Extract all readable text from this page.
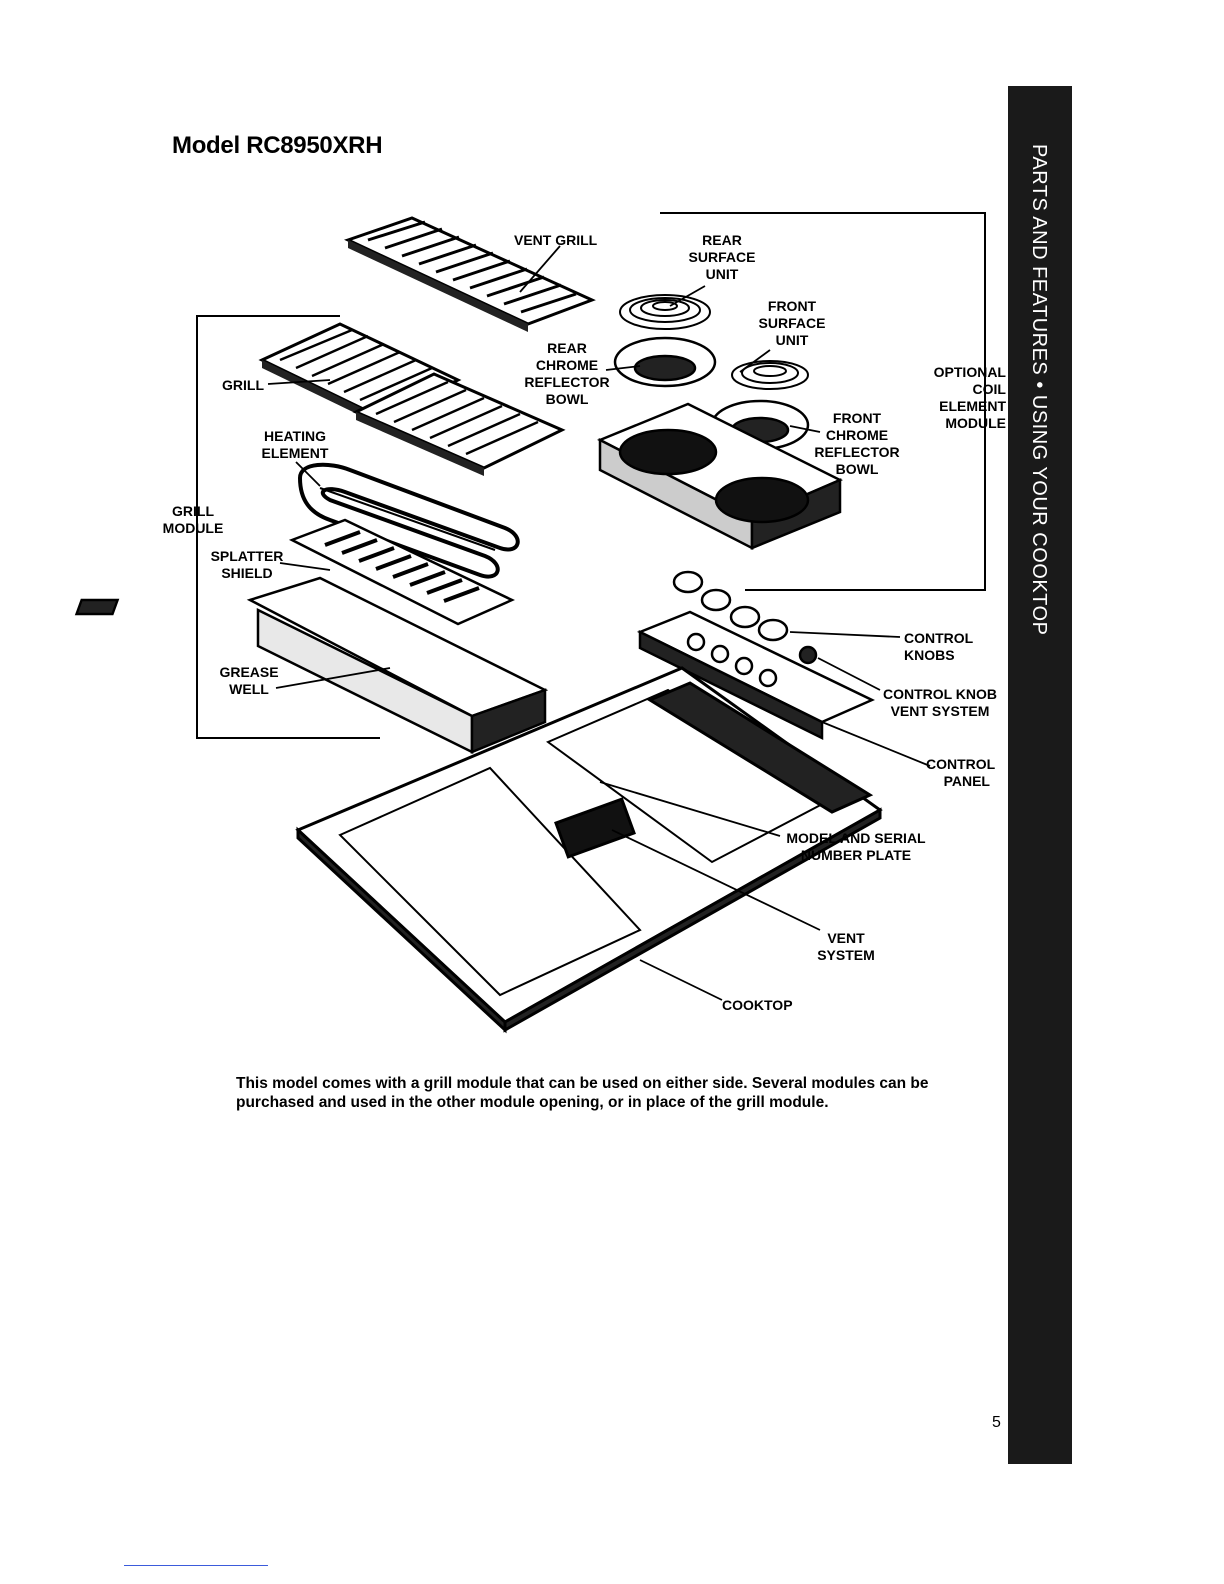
Model RC8950XRH	PARTS AND FEATURES • USING YOUR COOKTOP
VENT GRILL	REAR
SURFACE
UNIT
FRONT
SURFACE
UNIT
REAR
CHROME
REFLECTOR
BOWL
OPTIONAL
COIL
ELEMENT
MODULE
GRILL
FRONT
CHROME
REFLECTOR
BOWL
HEATING
ELEMENT
GRILL
MODULE
SPLATTER
SHIELD
CONTROL
KNOBS
GREASE
WELL	CONTROL KNOB
VENT SYSTEM
CONTROL
PANEL
MODEL AND SERIAL
NUMBER PLATE
VENT
SYSTEM
COOKTOP
This model comes with a grill module that can be used on either side. Several modules can be purchased and used in the other module opening, or in place of the grill module.
5
